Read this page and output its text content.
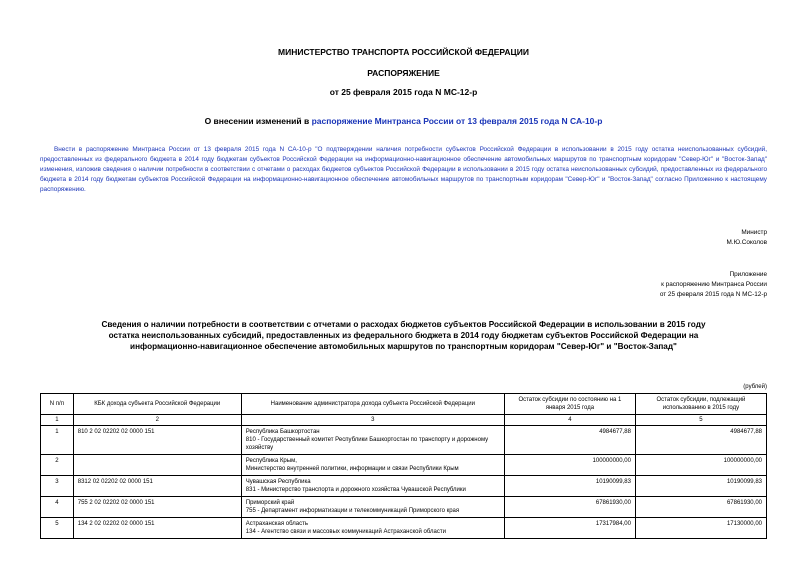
МИНИСТЕРСТВО ТРАНСПОРТА РОССИЙСКОЙ ФЕДЕРАЦИИ
РАСПОРЯЖЕНИЕ
от 25 февраля 2015 года N МС-12-р
О внесении изменений в распоряжение Минтранса России от 13 февраля 2015 года N СА-10-р
Внести в распоряжение Минтранса России от 13 февраля 2015 года N СА-10-р "О подтверждении наличия потребности субъектов Российской Федерации в использовании в 2015 году остатка неиспользованных субсидий, предоставленных из федерального бюджета в 2014 году бюджетам субъектов Российской Федерации на информационно-навигационное обеспечение автомобильных маршрутов по транспортным коридорам "Север-Юг" и "Восток-Запад" изменения, изложив сведения о наличии потребности в соответствии с отчетами о расходах бюджетов субъектов Российской Федерации в использовании в 2015 году остатка неиспользованных субсидий, предоставленных из федерального бюджета в 2014 году бюджетам субъектов Российской Федерации на информационно-навигационное обеспечение автомобильных маршрутов по транспортным коридорам "Север-Юг" и "Восток-Запад" согласно Приложению к настоящему распоряжению.
Министр
М.Ю.Соколов
Приложение
к распоряжению Минтранса России
от 25 февраля 2015 года N МС-12-р
Сведения о наличии потребности в соответствии с отчетами о расходах бюджетов субъектов Российской Федерации в использовании в 2015 году остатка неиспользованных субсидий, предоставленных из федерального бюджета в 2014 году бюджетам субъектов Российской Федерации на информационно-навигационное обеспечение автомобильных маршрутов по транспортным коридорам "Север-Юг" и "Восток-Запад"
(рублей)
N п/п	КБК дохода субъекта Российской Федерации	Наименование администратора дохода субъекта Российской Федерации	Остаток субсидии по состоянию на 1 января 2015 года	Остаток субсидии, подлежащий использованию в 2015 году
1	2	3	4	5
1	810 2 02 02202 02 0000 151	Республика Башкортостан
810 - Государственный комитет Республики Башкортостан по транспорту и дорожному хозяйству	4984677,88	4984677,88
2		Республика Крым,
Министерство внутренней политики, информации и связи Республики Крым	100000000,00	100000000,00
3	8312 02 02202 02 0000 151	Чувашская Республика
831 - Министерство транспорта и дорожного хозяйства Чувашской Республики	10190099,83	10190099,83
4	755 2 02 02202 02 0000 151	Приморский край
755 - Департамент информатизации и телекоммуникаций Приморского края	67861930,00	67861930,00
5	134 2 02 02202 02 0000 151	Астраханская область
134 - Агентство связи и массовых коммуникаций Астраханской области	17317984,00	17130000,00
